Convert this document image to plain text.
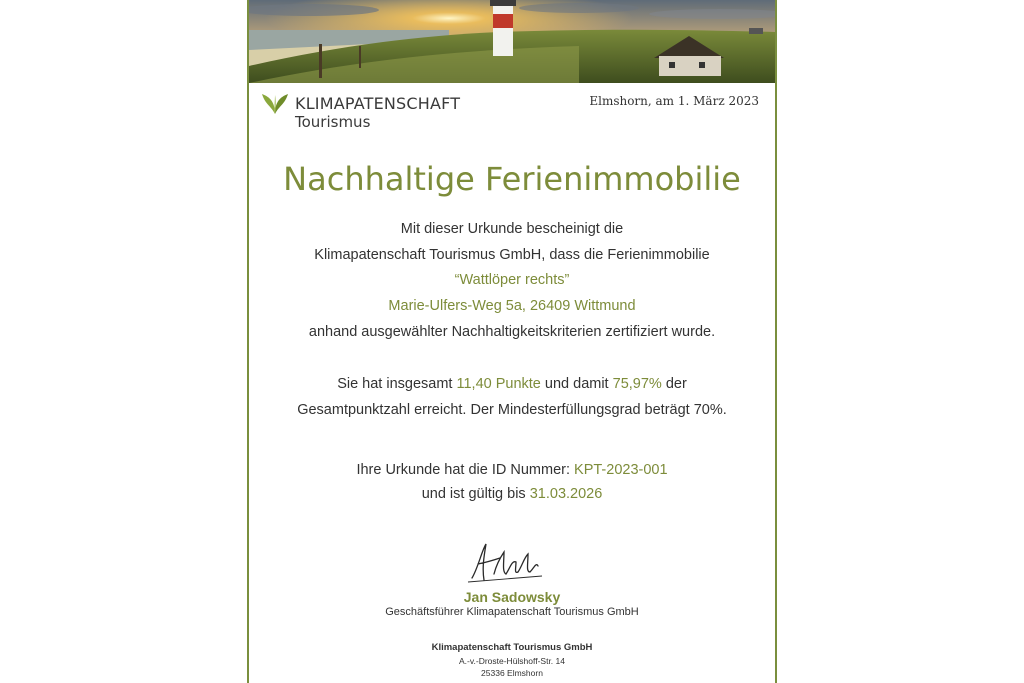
KLIMAPATENSCHAFT
Tourismus
Elmshorn, am 1. März 2023
Nachhaltige Ferienimmobilie
Mit dieser Urkunde bescheinigt die
Klimapatenschaft Tourismus GmbH, dass die Ferienimmobilie
“Wattlöper rechts”
Marie-Ulfers-Weg 5a, 26409 Wittmund
anhand ausgewählter Nachhaltigkeitskriterien zertifiziert wurde.
Sie hat insgesamt 11,40 Punkte und damit 75,97% der
Gesamtpunktzahl erreicht. Der Mindesterfüllungsgrad beträgt 70%.
Ihre Urkunde hat die ID Nummer: KPT-2023-001
und ist gültig bis 31.03.2026
Jan Sadowsky
Geschäftsführer Klimapatenschaft Tourismus GmbH
Klimapatenschaft Tourismus GmbH
A.-v.-Droste-Hülshoff-Str. 14
25336 Elmshorn
